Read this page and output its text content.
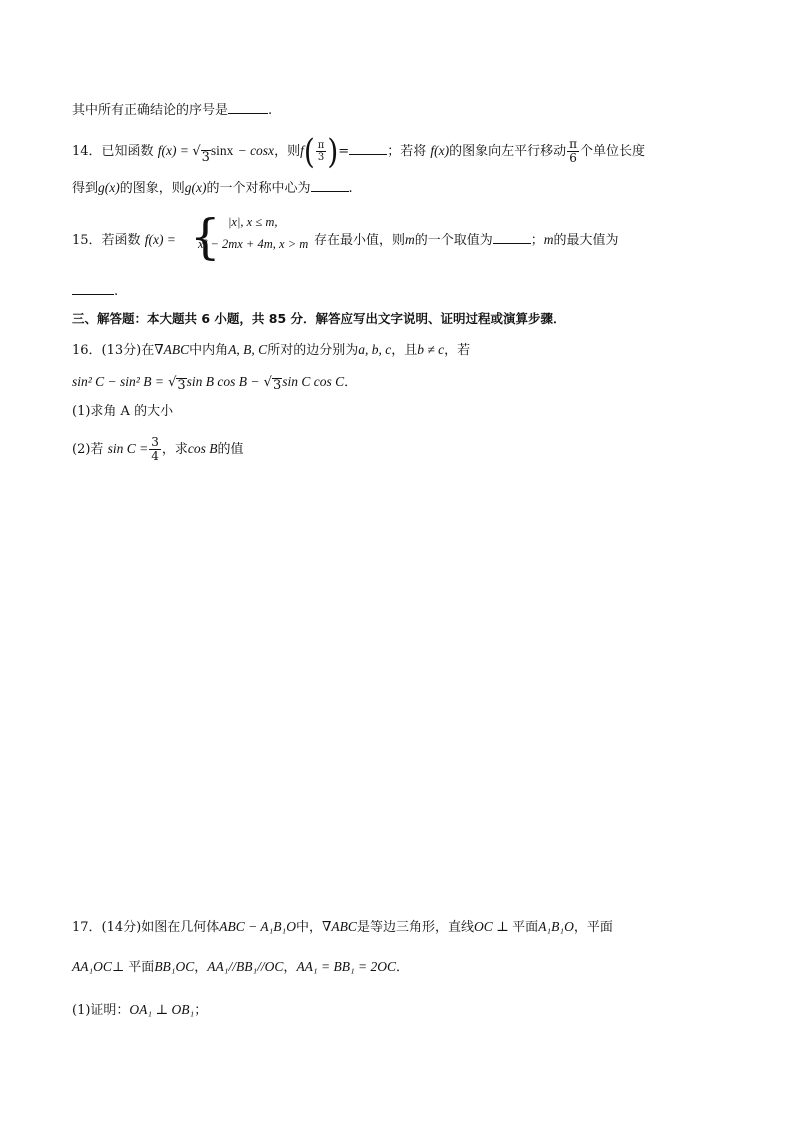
其中所有正确结论的序号是	.
14．已知函数 f(x) = √ 3 sinx − cosx，则$f( \frac{\pi}{3}$ )=	；若将 f(x)的图象向左平行移动 $\frac{\pi}{6}$ 个单位长度
得到g(x)的图象，则g(x)的一个对称中心为	.
15．若函数 f(x) = { |x|, x ≤ m,
x² − 2mx + 4m, x > m 存在最小值，则m的一个取值为	；m的最大值为
.
三、解答题：本大题共 6 小题，共 85 分．解答应写出文字说明、证明过程或演算步骤．
16．(13分)在∇ABC中内角A, B, C所对的边分别为a, b, c，且b ≠ c，若
sin² C − sin² B = √ 3 sin B cos B − √ 3 sin C cos C．
(1)求角 A 的大小
(2)若 $\sin C = \frac{3}{4}$ ，求cos B的值
17．(14分)如图在几何体ABC − A₁B₁O中，∇ABC是等边三角形，直线OC ⊥ 平面A₁B₁O，平面
AA₁OC⊥ 平面BB₁OC，AA₁//BB₁//OC，AA₁ = BB₁ = 2OC．
(1)证明：OA₁ ⊥ OB₁；
